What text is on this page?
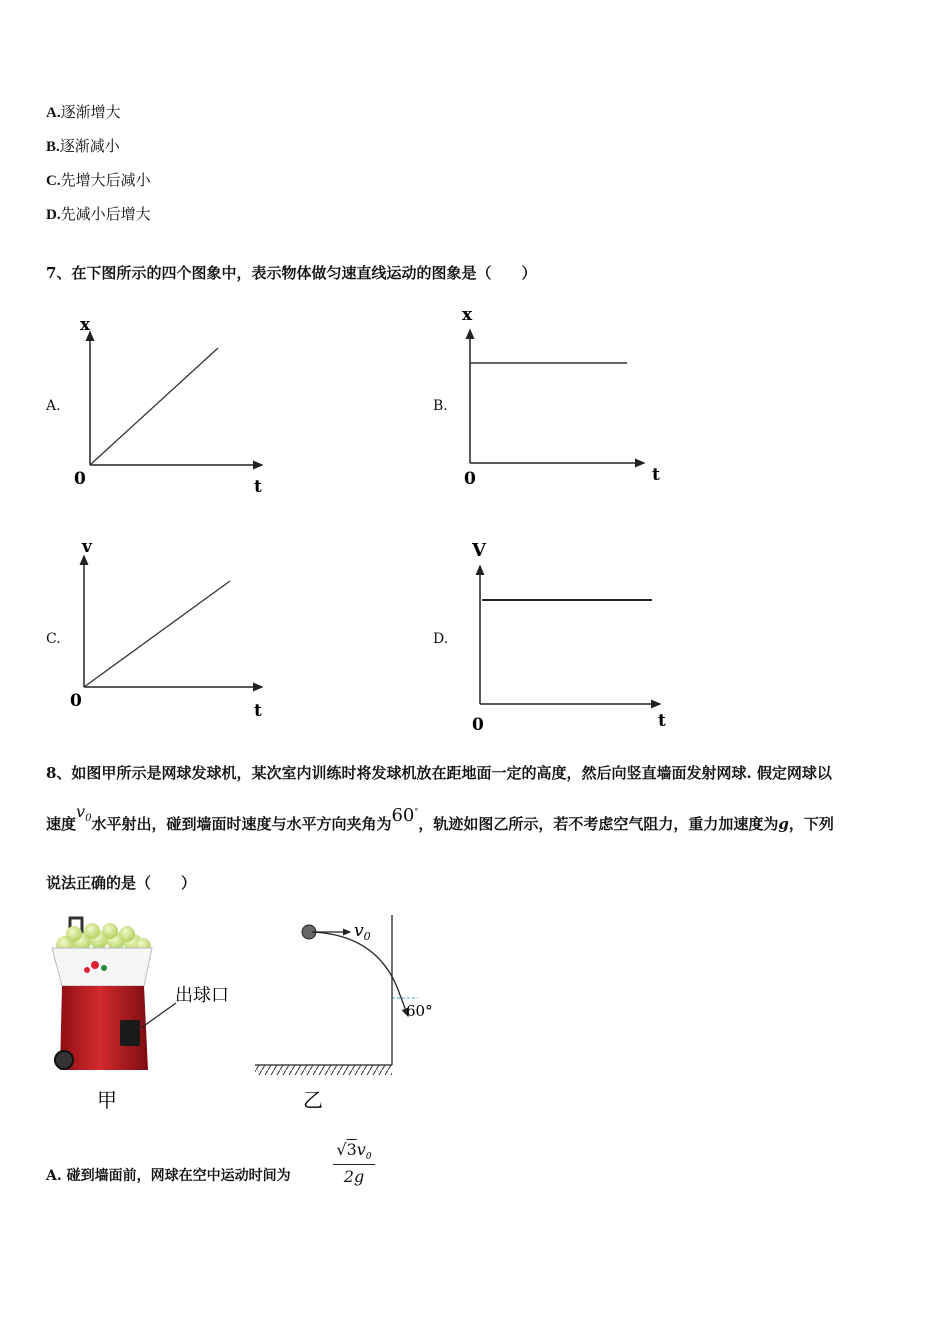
A.逐渐增大
B.逐渐减小
C.先增大后减小
D.先减小后增大
7、在下图所示的四个图象中，表示物体做匀速直线运动的图象是（　　）
A.
x
0	t
B.
x
0	t
C.
v
0	t
D.
V
0	t
8、如图甲所示是网球发球机，某次室内训练时将发球机放在距地面一定的高度，然后向竖直墙面发射网球. 假定网球以
速度$v_0$水平射出，碰到墙面时速度与水平方向夹角为60°，轨迹如图乙所示，若不考虑空气阻力，重力加速度为g，下列
说法正确的是（　　）
出球口
甲
$v_0$
60°
乙
A. 碰到墙面前，网球在空中运动时间为	$\frac{√3v_0}{2g}$
